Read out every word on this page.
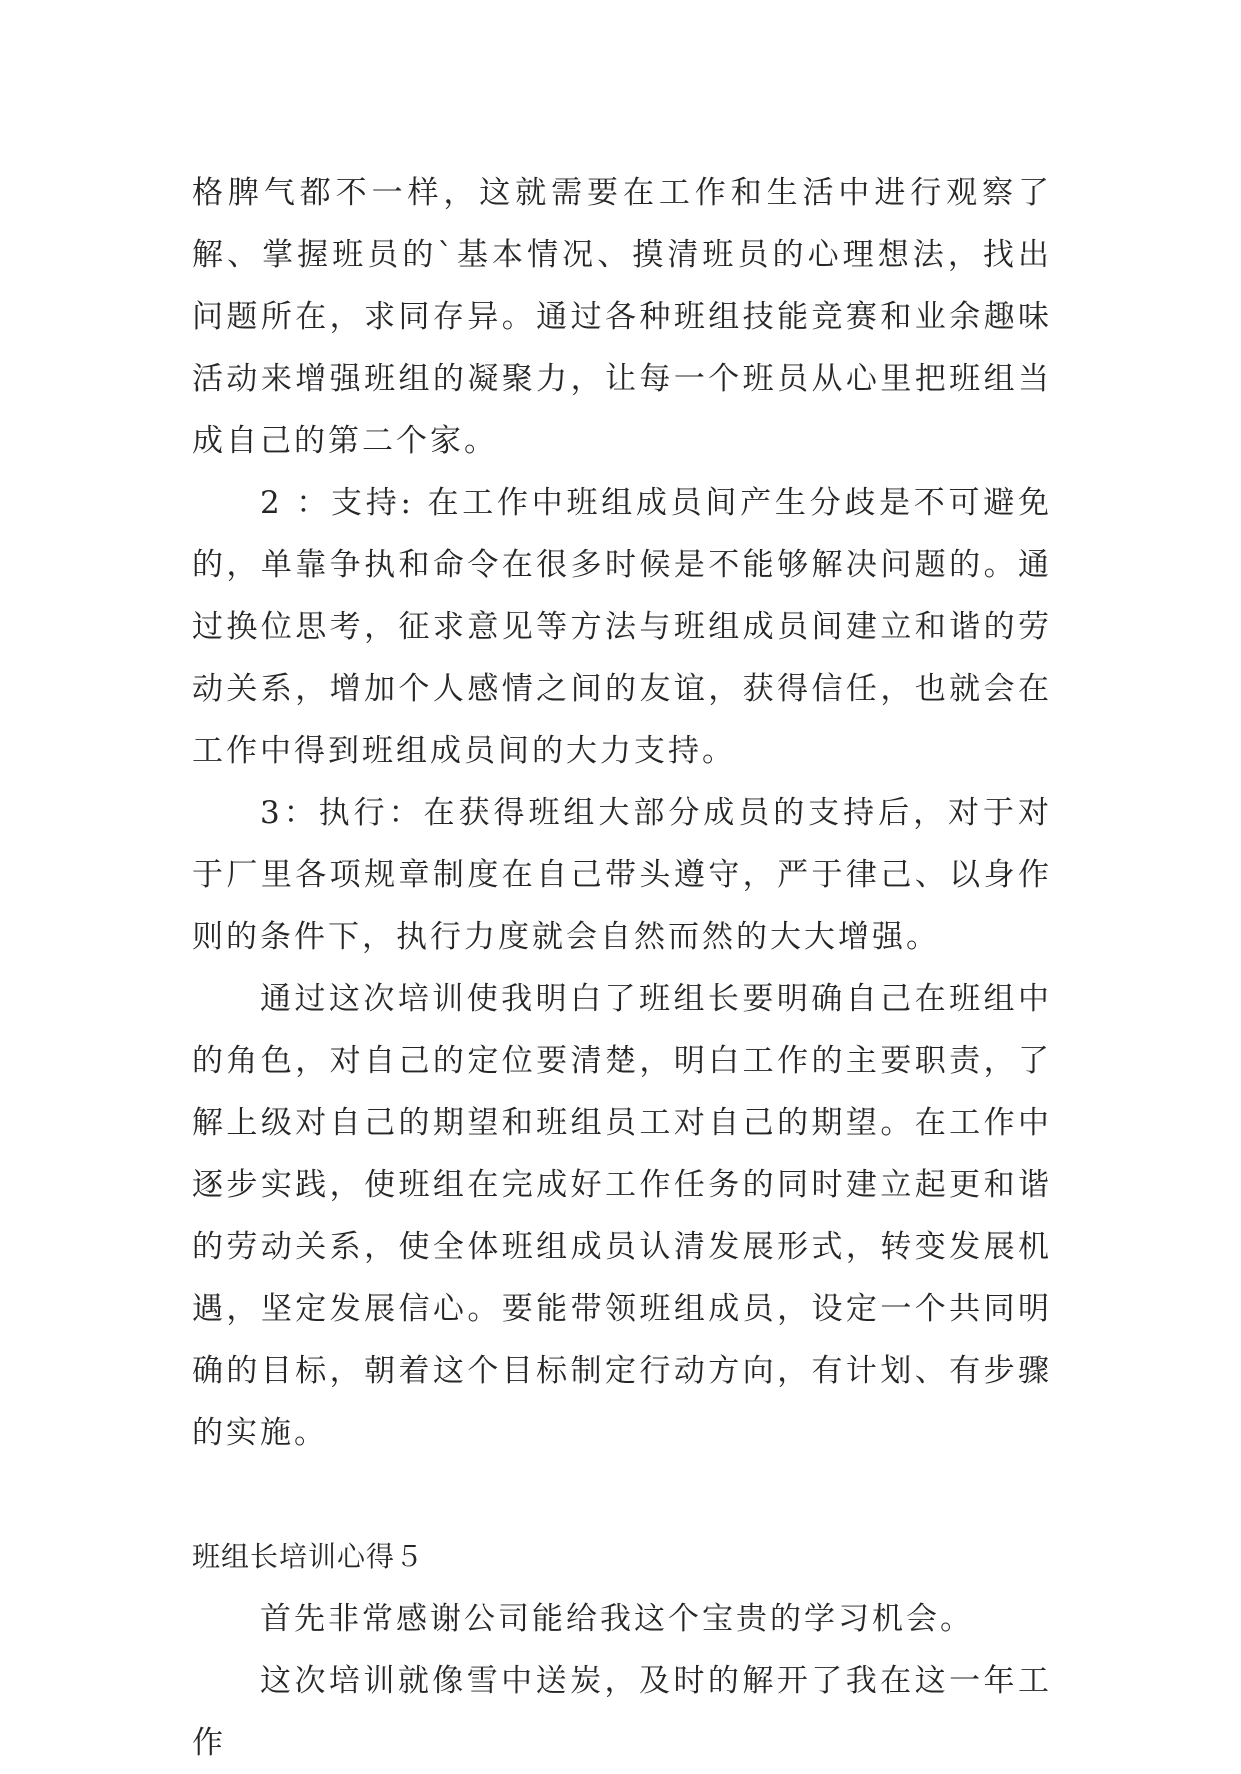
格脾气都不一样，这就需要在工作和生活中进行观察了解、掌握班员的`基本情况、摸清班员的心理想法，找出问题所在，求同存异。通过各种班组技能竞赛和业余趣味活动来增强班组的凝聚力，让每一个班员从心里把班组当成自己的第二个家。

2 ：支持: 在工作中班组成员间产生分歧是不可避免的，单靠争执和命令在很多时候是不能够解决问题的。通过换位思考，征求意见等方法与班组成员间建立和谐的劳动关系，增加个人感情之间的友谊，获得信任，也就会在工作中得到班组成员间的大力支持。

3：执行：在获得班组大部分成员的支持后，对于对于厂里各项规章制度在自己带头遵守，严于律己、以身作则的条件下，执行力度就会自然而然的大大增强。

通过这次培训使我明白了班组长要明确自己在班组中的角色，对自己的定位要清楚，明白工作的主要职责，了解上级对自己的期望和班组员工对自己的期望。在工作中逐步实践，使班组在完成好工作任务的同时建立起更和谐的劳动关系，使全体班组成员认清发展形式，转变发展机遇，坚定发展信心。要能带领班组成员，设定一个共同明确的目标，朝着这个目标制定行动方向，有计划、有步骤的实施。

班组长培训心得５

首先非常感谢公司能给我这个宝贵的学习机会。

这次培训就像雪中送炭，及时的解开了我在这一年工作
